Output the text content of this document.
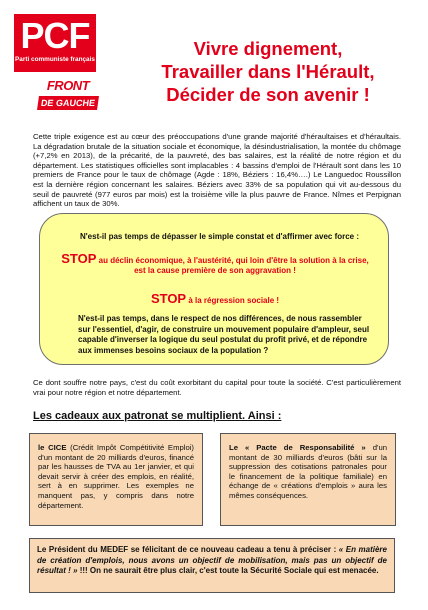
PCF
Parti communiste français
FRONT
DE GAUCHE
Vivre dignement,
Travailler dans l'Hérault,
Décider de son avenir !
Cette triple exigence est au cœur des préoccupations d'une grande majorité d'héraultaises et d'héraultais. La dégradation brutale de la situation sociale et économique, la désindustrialisation, la montée du chômage (+7,2% en 2013), de la précarité, de la pauvreté, des bas salaires, est la réalité de notre région et du département. Les statistiques officielles sont implacables : 4 bassins d'emploi de l'Hérault sont dans les 10 premiers de France pour le taux de chômage (Agde : 18%, Béziers : 16,4%….) Le Languedoc Roussillon est la dernière région concernant les salaires. Béziers avec 33% de sa population qui vit au-dessous du seuil de pauvreté (977 euros par mois) est la troisième ville la plus pauvre de France. Nîmes et Perpignan affichent un taux de 30%.
N'est-il pas temps de dépasser le simple constat et d'affirmer avec force :
STOP au déclin économique, à l'austérité, qui loin d'être la solution à la crise, est la cause première de son aggravation !
STOP à la régression sociale !
N'est-il pas temps, dans le respect de nos différences, de nous rassembler sur l'essentiel, d'agir, de construire un mouvement populaire d'ampleur, seul capable d'inverser la logique du seul postulat du profit privé, et de répondre aux immenses besoins sociaux de la population ?
Ce dont souffre notre pays, c'est du coût exorbitant du capital pour toute la société. C'est particulièrement vrai pour notre région et notre département.
Les cadeaux aux patronat se multiplient. Ainsi :
le CICE (Crédit Impôt Compétitivité Emploi) d'un montant de 20 milliards d'euros, financé par les hausses de TVA au 1er janvier, et qui devait servir à créer des emplois, en réalité, sert à en supprimer. Les exemples ne manquent pas, y compris dans notre département.
Le « Pacte de Responsabilité » d'un montant de 30 milliards d'euros (bâti sur la suppression des cotisations patronales pour le financement de la politique familiale) en échange de « créations d'emplois » aura les mêmes conséquences.
Le Président du MEDEF se félicitant de ce nouveau cadeau a tenu à préciser : « En matière de création d'emplois, nous avons un objectif de mobilisation, mais pas un objectif de résultat ! » !!! On ne saurait être plus clair, c'est toute la Sécurité Sociale qui est menacée.
